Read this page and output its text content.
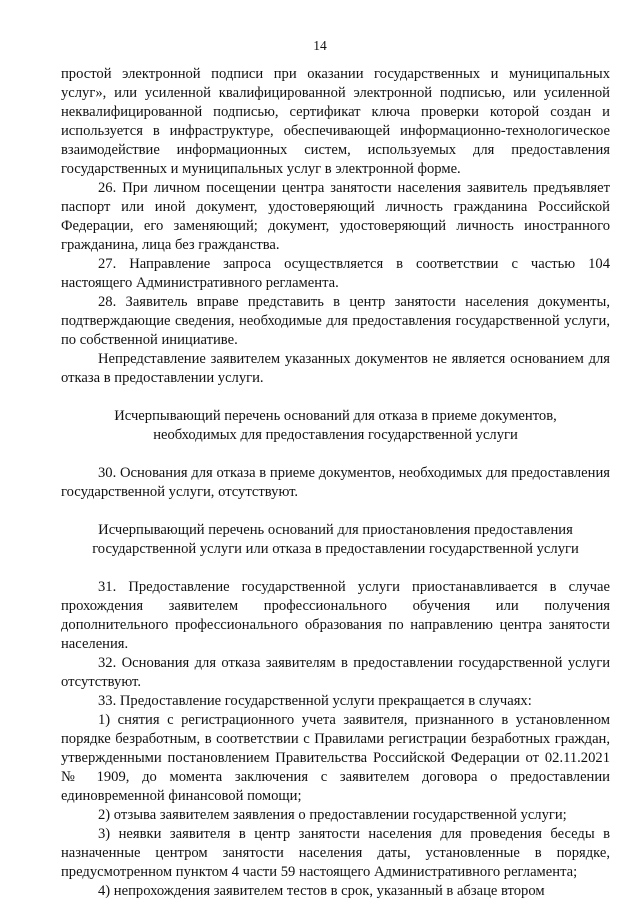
14

простой электронной подписи при оказании государственных и муниципальных услуг», или усиленной квалифицированной электронной подписью, или усиленной неквалифицированной подписью, сертификат ключа проверки которой создан и используется в инфраструктуре, обеспечивающей информационно-технологическое взаимодействие информационных систем, используемых для предоставления государственных и муниципальных услуг в электронной форме.

26. При личном посещении центра занятости населения заявитель предъявляет паспорт или иной документ, удостоверяющий личность гражданина Российской Федерации, его заменяющий; документ, удостоверяющий личность иностранного гражданина, лица без гражданства.

27. Направление запроса осуществляется в соответствии с частью 104 настоящего Административного регламента.

28. Заявитель вправе представить в центр занятости населения документы, подтверждающие сведения, необходимые для предоставления государственной услуги, по собственной инициативе.

Непредставление заявителем указанных документов не является основанием для отказа в предоставлении услуги.

Исчерпывающий перечень оснований для отказа в приеме документов,

необходимых для предоставления государственной услуги

30. Основания для отказа в приеме документов, необходимых для предоставления государственной услуги, отсутствуют.

Исчерпывающий перечень оснований для приостановления предоставления

государственной услуги или отказа в предоставлении государственной услуги

31. Предоставление государственной услуги приостанавливается в случае прохождения заявителем профессионального обучения или получения дополнительного профессионального образования по направлению центра занятости населения.

32. Основания для отказа заявителям в предоставлении государственной услуги отсутствуют.

33. Предоставление государственной услуги прекращается в случаях:

1) снятия с регистрационного учета заявителя, признанного в установленном порядке безработным, в соответствии с Правилами регистрации безработных граждан, утвержденными постановлением Правительства Российской Федерации от 02.11.2021 № 1909, до момента заключения с заявителем договора о предоставлении единовременной финансовой помощи;

2) отзыва заявителем заявления о предоставлении государственной услуги;

3) неявки заявителя в центр занятости населения для проведения беседы в назначенные центром занятости населения даты, установленные в порядке, предусмотренном пунктом 4 части 59 настоящего Административного регламента;

4) непрохождения заявителем тестов в срок, указанный в абзаце втором
